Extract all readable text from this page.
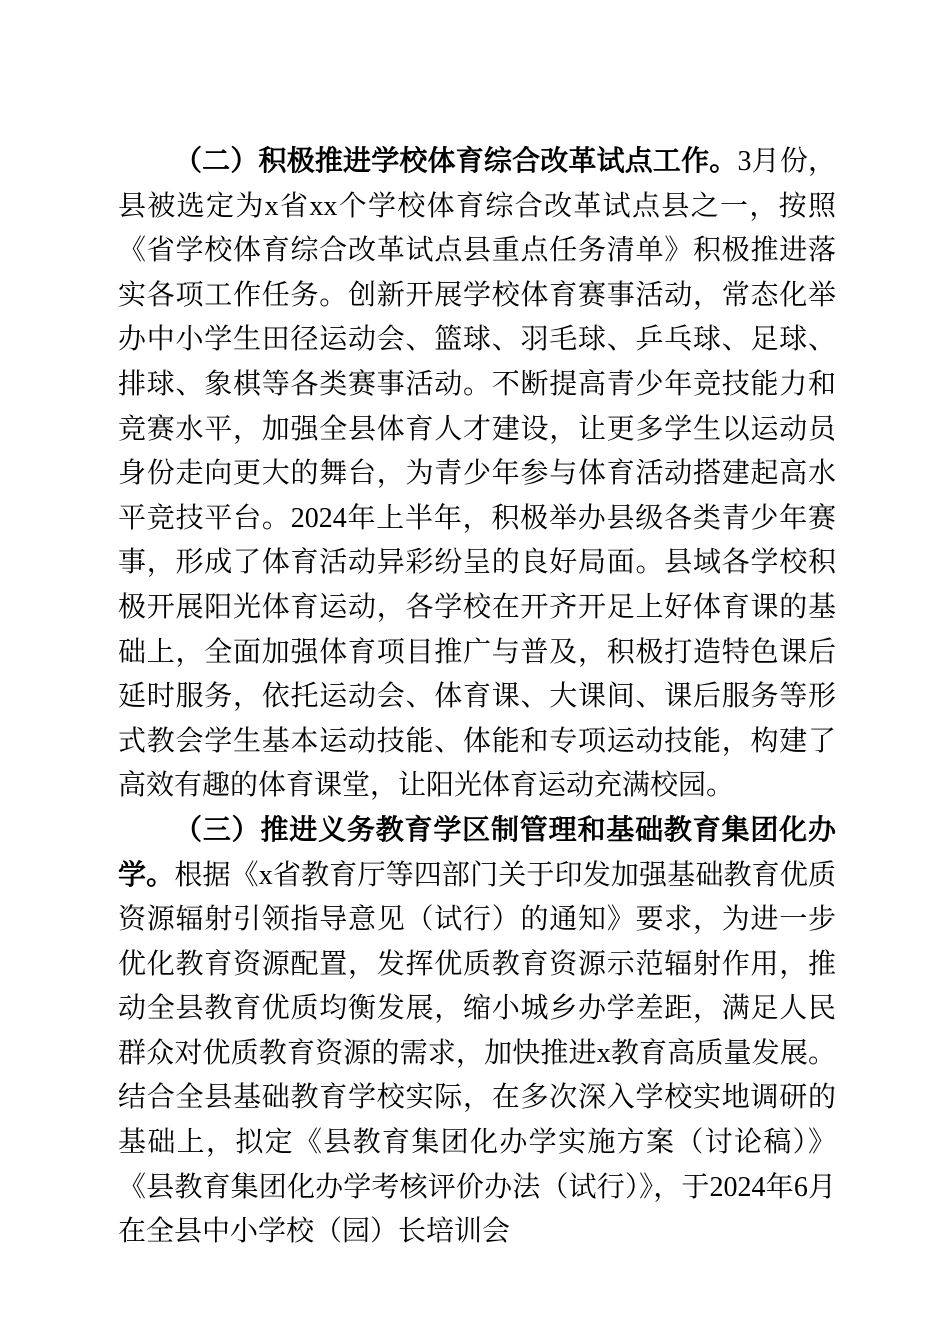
（二）积极推进学校体育综合改革试点工作。3月份，县被选定为x省xx个学校体育综合改革试点县之一，按照《省学校体育综合改革试点县重点任务清单》积极推进落实各项工作任务。创新开展学校体育赛事活动，常态化举办中小学生田径运动会、篮球、羽毛球、乒乓球、足球、排球、象棋等各类赛事活动。不断提高青少年竞技能力和竞赛水平，加强全县体育人才建设，让更多学生以运动员身份走向更大的舞台，为青少年参与体育活动搭建起高水平竞技平台。2024年上半年，积极举办县级各类青少年赛事，形成了体育活动异彩纷呈的良好局面。县域各学校积极开展阳光体育运动，各学校在开齐开足上好体育课的基础上，全面加强体育项目推广与普及，积极打造特色课后延时服务，依托运动会、体育课、大课间、课后服务等形式教会学生基本运动技能、体能和专项运动技能，构建了高效有趣的体育课堂，让阳光体育运动充满校园。

（三）推进义务教育学区制管理和基础教育集团化办学。根据《x省教育厅等四部门关于印发加强基础教育优质资源辐射引领指导意见（试行）的通知》要求，为进一步优化教育资源配置，发挥优质教育资源示范辐射作用，推动全县教育优质均衡发展，缩小城乡办学差距，满足人民群众对优质教育资源的需求，加快推进x教育高质量发展。结合全县基础教育学校实际，在多次深入学校实地调研的基础上，拟定《县教育集团化办学实施方案（讨论稿）》《县教育集团化办学考核评价办法（试行）》，于2024年6月在全县中小学校（园）长培训会
